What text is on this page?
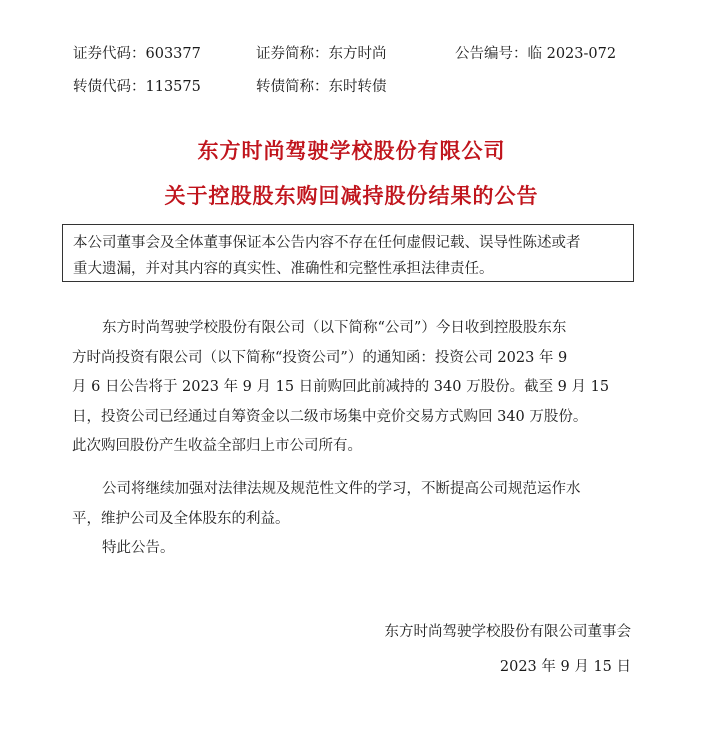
证券代码：603377	证券简称：东方时尚	公告编号：临 2023-072
转债代码：113575	转债简称：东时转债
东方时尚驾驶学校股份有限公司
关于控股股东购回减持股份结果的公告
本公司董事会及全体董事保证本公告内容不存在任何虚假记载、误导性陈述或者
重大遗漏，并对其内容的真实性、准确性和完整性承担法律责任。
东方时尚驾驶学校股份有限公司（以下简称“公司”）今日收到控股股东东
方时尚投资有限公司（以下简称“投资公司”）的通知函：投资公司 2023 年 9
月 6 日公告将于 2023 年 9 月 15 日前购回此前减持的 340 万股份。截至 9 月 15
日，投资公司已经通过自筹资金以二级市场集中竞价交易方式购回 340 万股份。
此次购回股份产生收益全部归上市公司所有。
公司将继续加强对法律法规及规范性文件的学习，不断提高公司规范运作水
平，维护公司及全体股东的利益。
特此公告。
东方时尚驾驶学校股份有限公司董事会
2023 年 9 月 15 日
